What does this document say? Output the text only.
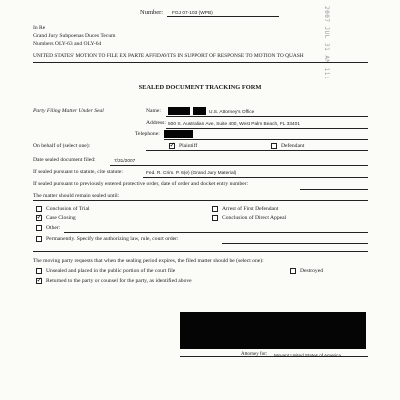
Number: FGJ 07-103 (WPB)
In Re
Grand Jury Subpoenas Duces Tecum
Numbers OLY-63 and OLY-64	2007 JUL 31 AM 11:
UNITED STATES' MOTION TO FILE EX PARTE AFFIDAVITS IN SUPPORT OF RESPONSE TO MOTION TO QUASH
SEALED DOCUMENT TRACKING FORM
Party Filing Matter Under Seal	Name:	U.S. Attorney's Office
Address: 500 S. Australian Ave, Suite 400, West Palm Beach, FL 33401
Telephone:
On behalf of (select one):
✓	Plaintiff	Defendant
Date sealed document filed:	7/31/2007
If sealed pursuant to statute, cite statute:	Fed. R. Crim. P. 6(e) (Grand Jury Material)
If sealed pursuant to previously entered protective order, date of order and docket entry number:
The matter should remain sealed until:
Conclusion of Trial	Arrest of First Defendant
✓
Case Closing	Conclusion of Direct Appeal
Other:
Permanently. Specify the authorizing law, rule, court order:
The moving party requests that when the sealing period expires, the filed matter should be (select one):
Unsealed and placed in the public portion of the court file	Destroyed
✓
Returned to the party or counsel for the party, as identified above
Attorney for: Movant United States of America
